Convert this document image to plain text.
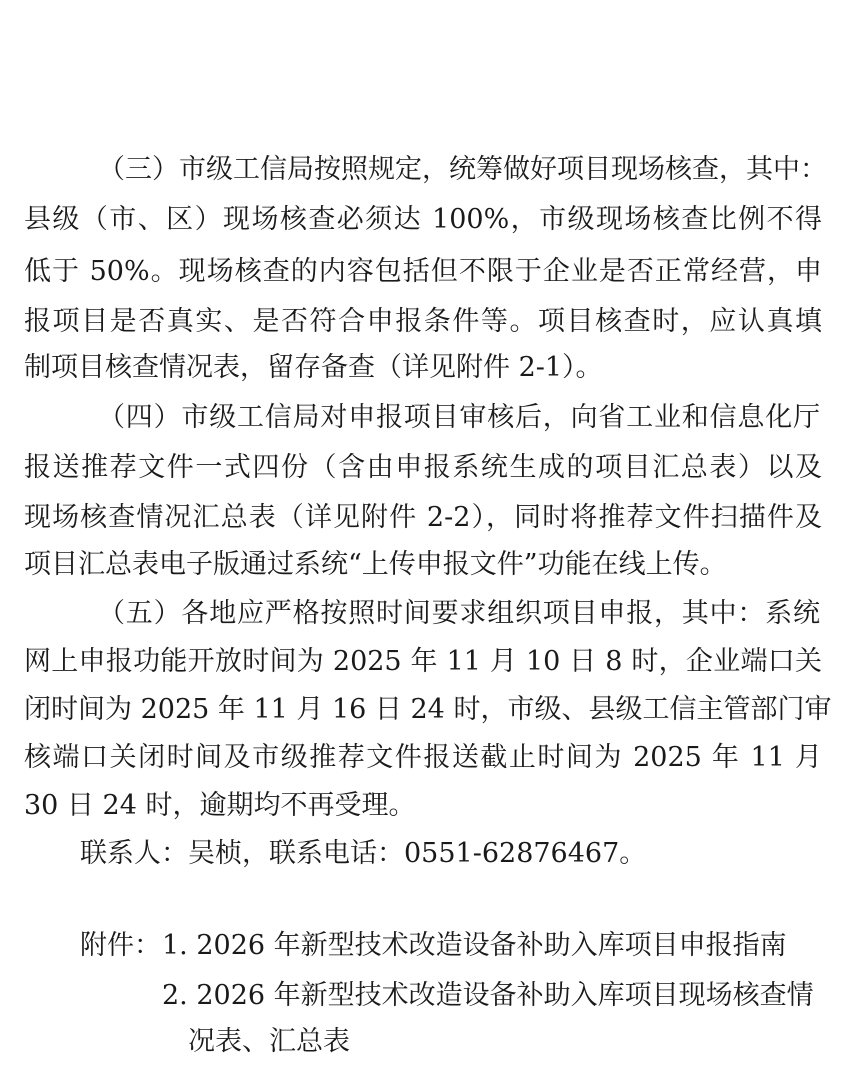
（三）市级工信局按照规定，统筹做好项目现场核查，其中：
县级（市、区）现场核查必须达 100%，市级现场核查比例不得
低于 50%。现场核查的内容包括但不限于企业是否正常经营，申
报项目是否真实、是否符合申报条件等。项目核查时，应认真填
制项目核查情况表，留存备查（详见附件 2-1）。
（四）市级工信局对申报项目审核后，向省工业和信息化厅
报送推荐文件一式四份（含由申报系统生成的项目汇总表）以及
现场核查情况汇总表（详见附件 2-2），同时将推荐文件扫描件及
项目汇总表电子版通过系统“上传申报文件”功能在线上传。
（五）各地应严格按照时间要求组织项目申报，其中：系统
网上申报功能开放时间为 2025 年 11 月 10 日 8 时，企业端口关
闭时间为 2025 年 11 月 16 日 24 时，市级、县级工信主管部门审
核端口关闭时间及市级推荐文件报送截止时间为 2025 年 11 月
30 日 24 时，逾期均不再受理。
联系人：吴桢，联系电话：0551-62876467。
附件： 1. 2026 年新型技术改造设备补助入库项目申报指南
2. 2026 年新型技术改造设备补助入库项目现场核查情
况表、汇总表
